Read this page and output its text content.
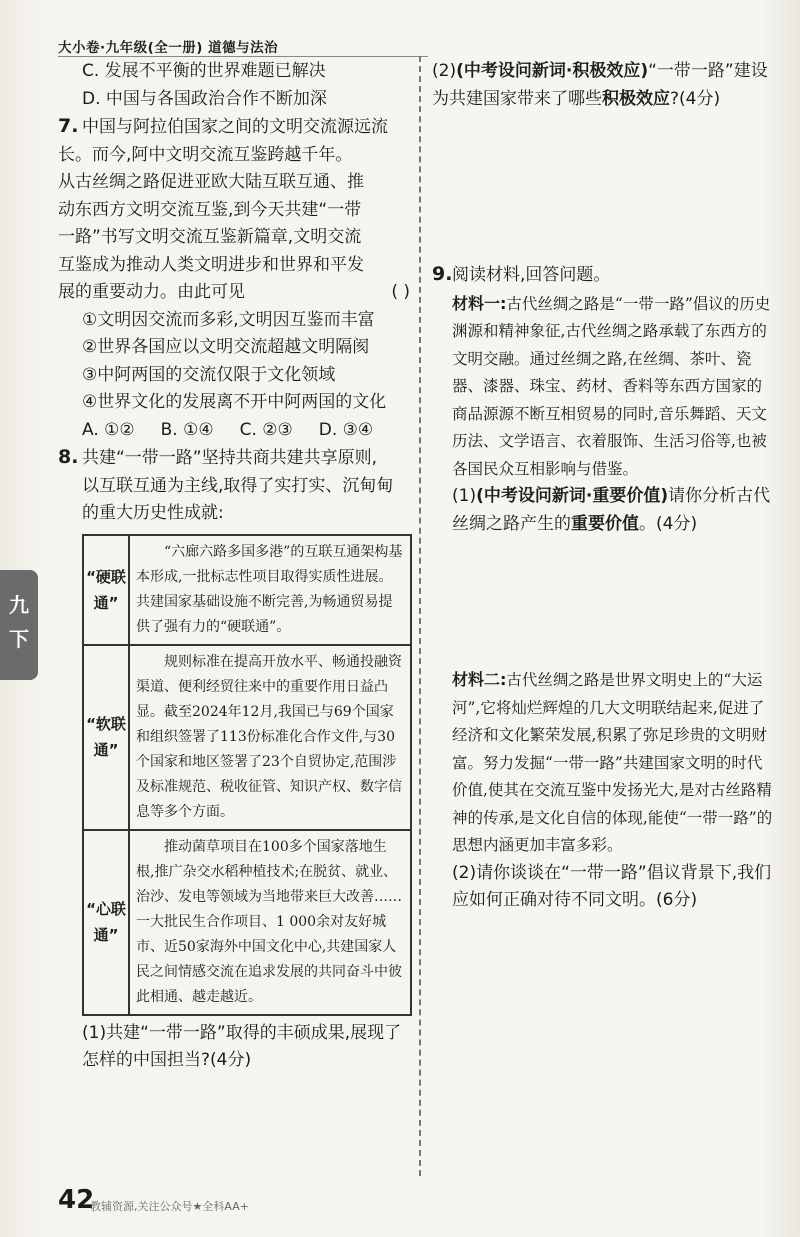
大小卷·九年级(全一册) 道德与法治
C. 发展不平衡的世界难题已解决
D. 中国与各国政治合作不断加深
7. 中国与阿拉伯国家之间的文明交流源远流
长。而今,阿中文明交流互鉴跨越千年。
从古丝绸之路促进亚欧大陆互联互通、推
动东西方文明交流互鉴,到今天共建“一带
一路”书写文明交流互鉴新篇章,文明交流
互鉴成为推动人类文明进步和世界和平发
展的重要动力。由此可见	( )
①文明因交流而多彩,文明因互鉴而丰富
②世界各国应以文明交流超越文明隔阂
③中阿两国的交流仅限于文化领域
④世界文化的发展离不开中阿两国的文化
A. ①② B. ①④ C. ②③ D. ③④
8. 共建“一带一路”坚持共商共建共享原则,
以互联互通为主线,取得了实打实、沉甸甸
的重大历史性成就:
“硬联通”	“六廊六路多国多港”的互联互通架构基本形成,一批标志性项目取得实质性进展。共建国家基础设施不断完善,为畅通贸易提供了强有力的“硬联通”。
“软联通”	规则标准在提高开放水平、畅通投融资渠道、便利经贸往来中的重要作用日益凸显。截至2024年12月,我国已与69个国家和组织签署了113份标准化合作文件,与30个国家和地区签署了23个自贸协定,范围涉及标准规范、税收征管、知识产权、数字信息等多个方面。
“心联通”	推动菌草项目在100多个国家落地生根,推广杂交水稻种植技术;在脱贫、就业、治沙、发电等领域为当地带来巨大改善……一大批民生合作项目、1 000余对友好城市、近50家海外中国文化中心,共建国家人民之间情感交流在追求发展的共同奋斗中彼此相通、越走越近。
(1)共建“一带一路”取得的丰硕成果,展现了怎样的中国担当?(4分)
(2)(中考设问新词·积极效应)“一带一路”建设为共建国家带来了哪些积极效应?(4分)
9.阅读材料,回答问题。
材料一:古代丝绸之路是“一带一路”倡议的历史渊源和精神象征,古代丝绸之路承载了东西方的文明交融。通过丝绸之路,在丝绸、茶叶、瓷器、漆器、珠宝、药材、香料等东西方国家的商品源源不断互相贸易的同时,音乐舞蹈、天文历法、文学语言、衣着服饰、生活习俗等,也被各国民众互相影响与借鉴。
(1)(中考设问新词·重要价值)请你分析古代丝绸之路产生的重要价值。(4分)
材料二:古代丝绸之路是世界文明史上的“大运河”,它将灿烂辉煌的几大文明联结起来,促进了经济和文化繁荣发展,积累了弥足珍贵的文明财富。努力发掘“一带一路”共建国家文明的时代价值,使其在交流互鉴中发扬光大,是对古丝路精神的传承,是文化自信的体现,能使“一带一路”的思想内涵更加丰富多彩。
(2)请你谈谈在“一带一路”倡议背景下,我们应如何正确对待不同文明。(6分)
九
下
42
教辅资源,关注公众号★全科AA+
